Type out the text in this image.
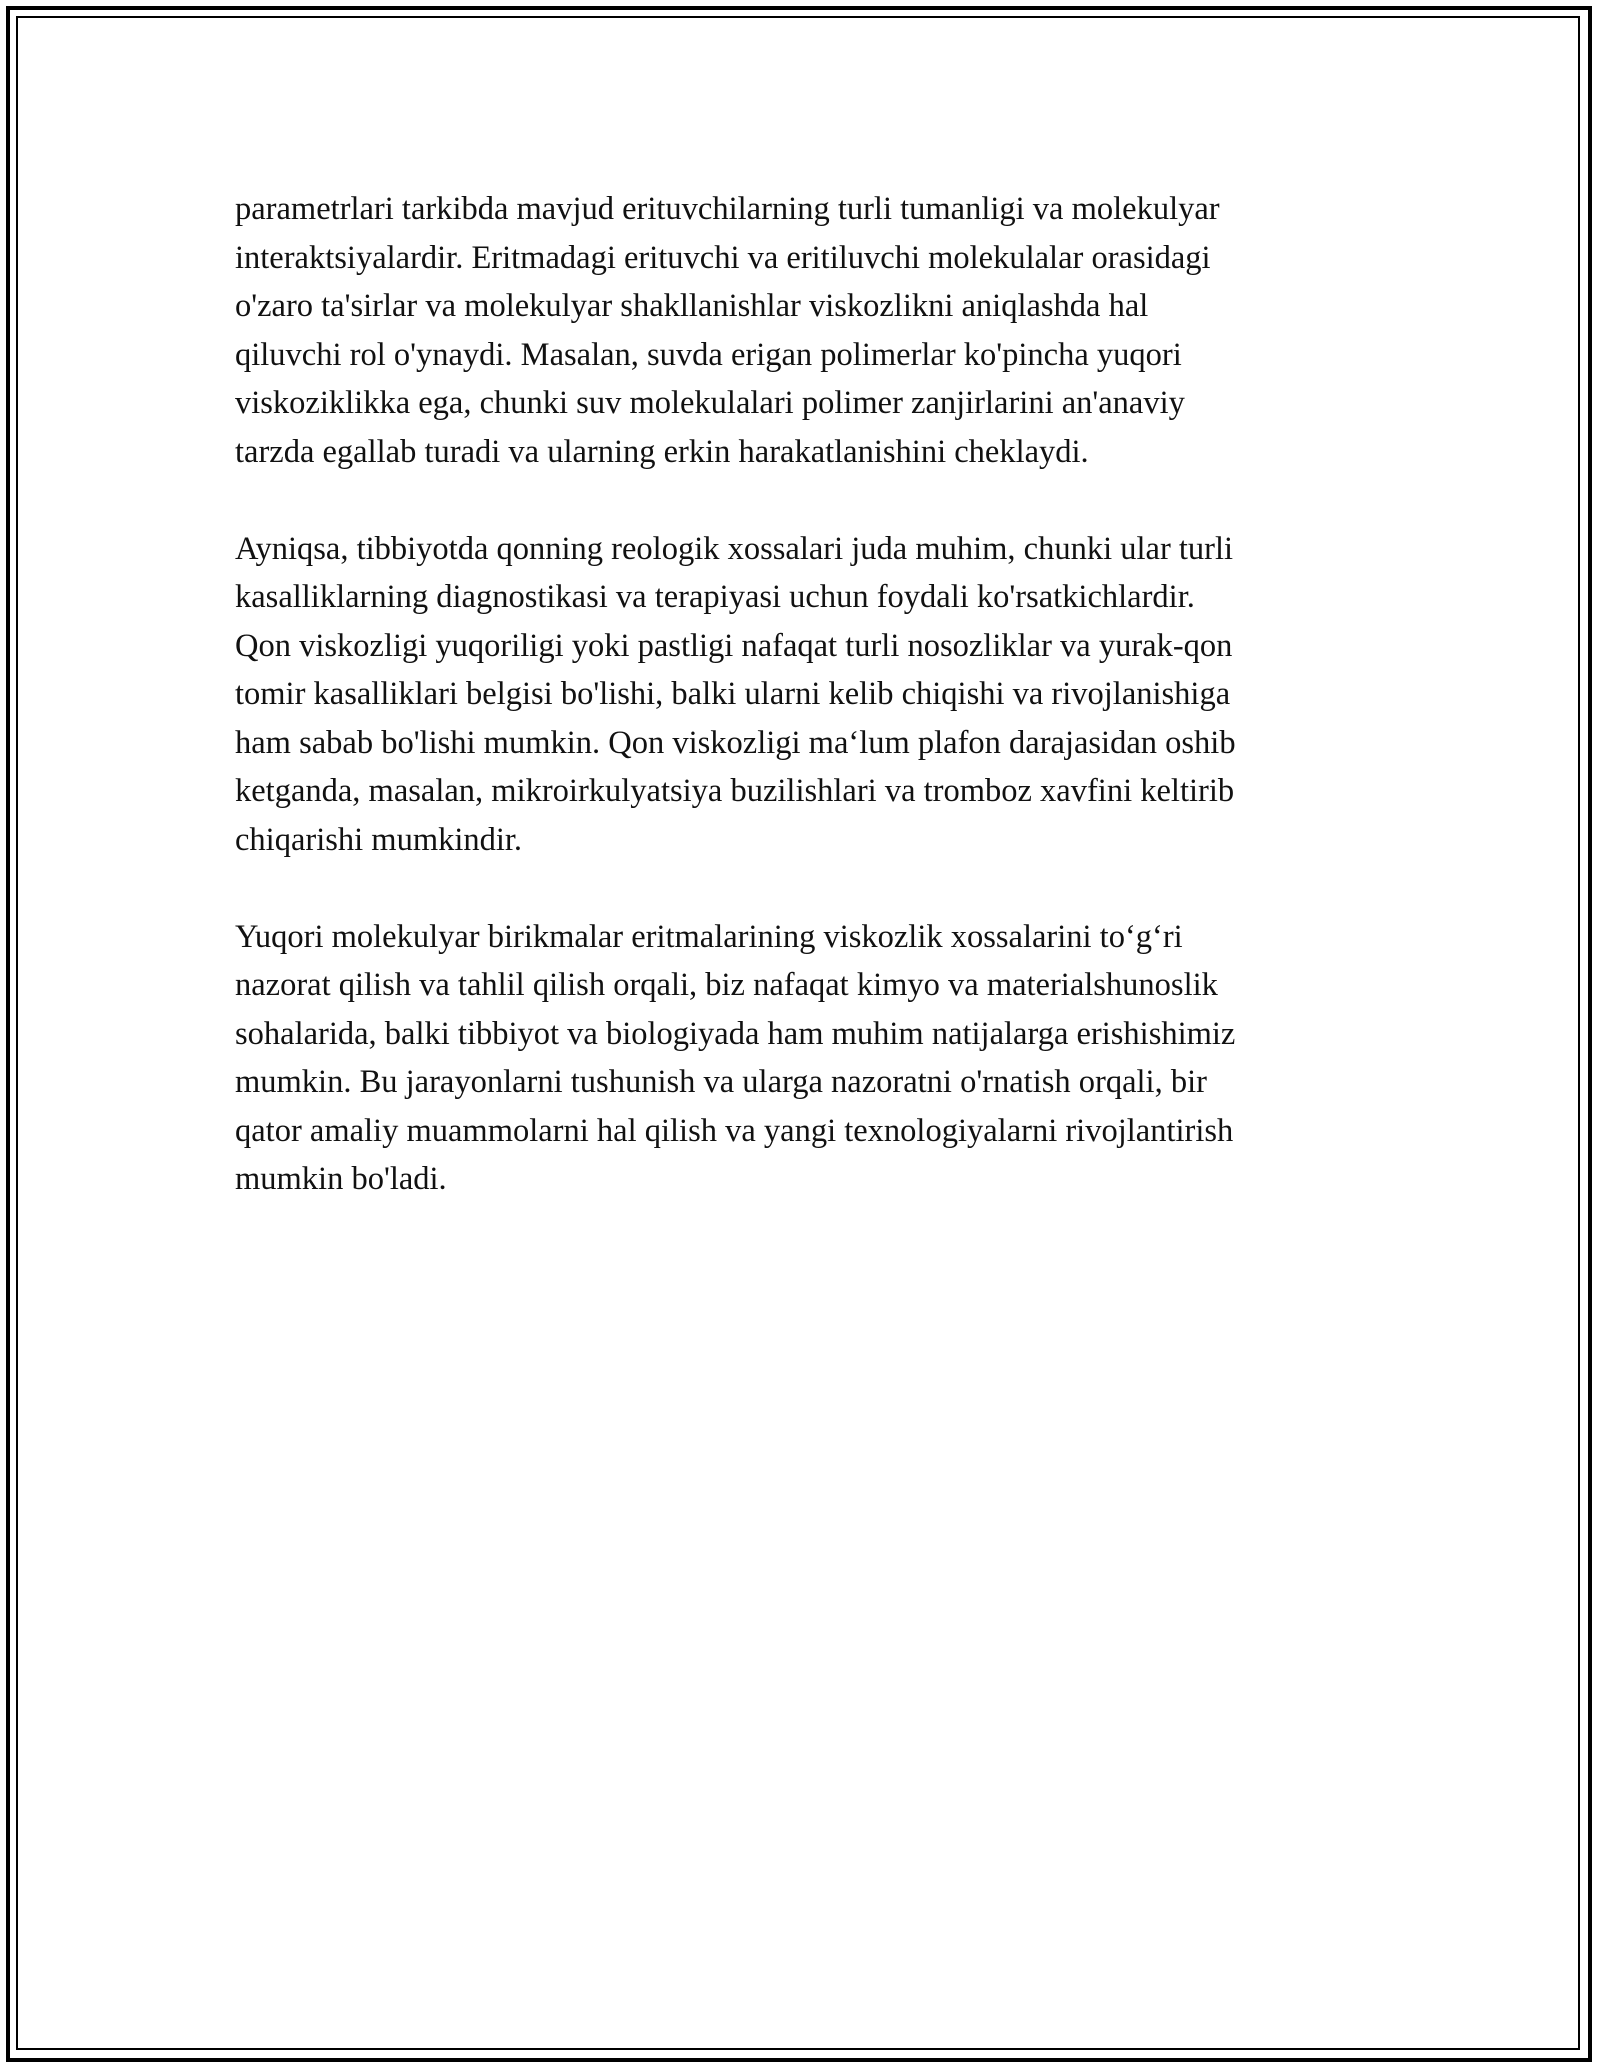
parametrlari tarkibda mavjud erituvchilarning turli tumanligi va molekulyar
interaktsiyalardir. Eritmadagi erituvchi va eritiluvchi molekulalar orasidagi
o'zaro ta'sirlar va molekulyar shakllanishlar viskozlikni aniqlashda hal
qiluvchi rol o'ynaydi. Masalan, suvda erigan polimerlar ko'pincha yuqori
viskoziklikka ega, chunki suv molekulalari polimer zanjirlarini an'anaviy
tarzda egallab turadi va ularning erkin harakatlanishini cheklaydi.

Ayniqsa, tibbiyotda qonning reologik xossalari juda muhim, chunki ular turli
kasalliklarning diagnostikasi va terapiyasi uchun foydali ko'rsatkichlardir.
Qon viskozligi yuqoriligi yoki pastligi nafaqat turli nosozliklar va yurak-qon
tomir kasalliklari belgisi bo'lishi, balki ularni kelib chiqishi va rivojlanishiga
ham sabab bo'lishi mumkin. Qon viskozligi ma‘lum plafon darajasidan oshib
ketganda, masalan, mikroirkulyatsiya buzilishlari va tromboz xavfini keltirib
chiqarishi mumkindir.

Yuqori molekulyar birikmalar eritmalarining viskozlik xossalarini to‘g‘ri
nazorat qilish va tahlil qilish orqali, biz nafaqat kimyo va materialshunoslik
sohalarida, balki tibbiyot va biologiyada ham muhim natijalarga erishishimiz
mumkin. Bu jarayonlarni tushunish va ularga nazoratni o'rnatish orqali, bir
qator amaliy muammolarni hal qilish va yangi texnologiyalarni rivojlantirish
mumkin bo'ladi.
